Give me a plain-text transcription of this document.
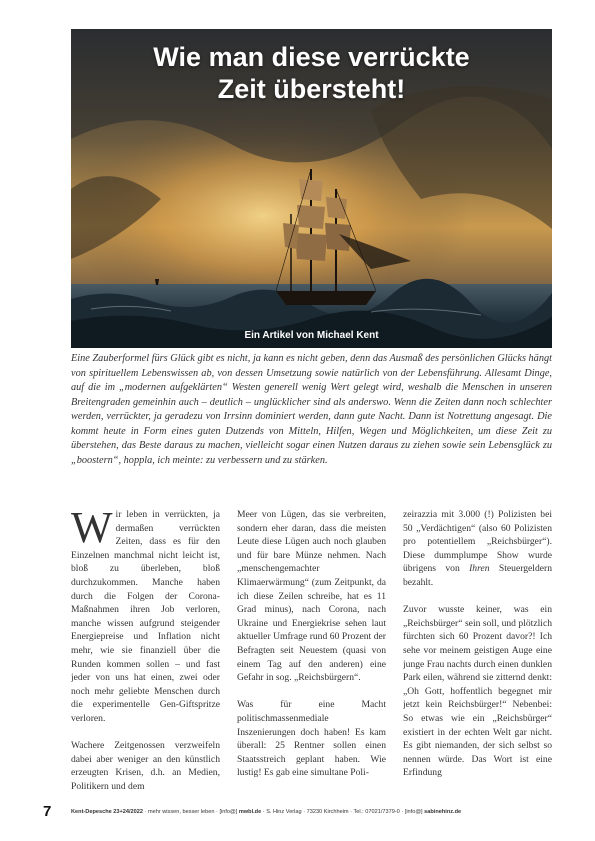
Wie man diese verrückte
Zeit übersteht!
Ein Artikel von Michael Kent
Eine Zauberformel fürs Glück gibt es nicht, ja kann es nicht geben, denn das Ausmaß des persönlichen Glücks hängt von spirituellem Lebenswissen ab, von dessen Umsetzung sowie natürlich von der Lebensführung. Allesamt Dinge, auf die im „modernen aufgeklärten“ Westen generell wenig Wert gelegt wird, weshalb die Menschen in unseren Breitengraden gemeinhin auch – deutlich – unglücklicher sind als anderswo. Wenn die Zeiten dann noch schlechter werden, verrückter, ja geradezu von Irrsinn dominiert werden, dann gute Nacht. Dann ist Notrettung angesagt. Die kommt heute in Form eines guten Dutzends von Mitteln, Hilfen, Wegen und Möglichkeiten, um diese Zeit zu überstehen, das Beste daraus zu machen, vielleicht sogar einen Nutzen daraus zu ziehen sowie sein Lebensglück zu „boostern“, hoppla, ich meinte: zu verbessern und zu stärken.

Wir leben in verrückten, ja dermaßen verrückten Zeiten, dass es für den Einzelnen manchmal nicht leicht ist, bloß zu überleben, bloß durchzukommen. Manche haben durch die Folgen der Corona-Maßnahmen ihren Job verloren, manche wissen aufgrund steigender Energiepreise und Inflation nicht mehr, wie sie finanziell über die Runden kommen sollen – und fast jeder von uns hat einen, zwei oder noch mehr geliebte Menschen durch die experimentelle Gen-Giftspritze verloren.

Wachere Zeitgenossen verzweifeln dabei aber weniger an den künstlich erzeugten Krisen, d.h. an Medien, Politikern und dem

Meer von Lügen, das sie verbreiten, sondern eher daran, dass die meisten Leute diese Lügen auch noch glauben und für bare Münze nehmen. Nach „menschengemachter Klimaerwärmung“ (zum Zeitpunkt, da ich diese Zeilen schreibe, hat es 11 Grad minus), nach Corona, nach Ukraine und Energiekrise sehen laut aktueller Umfrage rund 60 Prozent der Befragten seit Neuestem (quasi von einem Tag auf den anderen) eine Gefahr in sog. „Reichsbürgern“.

Was für eine Macht politischmassenmediale Inszenierungen doch haben! Es kam überall: 25 Rentner sollen einen Staatsstreich geplant haben. Wie lustig! Es gab eine simultane Poli-

zeirazzia mit 3.000 (!) Polizisten bei 50 „Verdächtigen“ (also 60 Polizisten pro potentiellem „Reichsbürger“). Diese dummplumpe Show wurde übrigens von Ihren Steuergeldern bezahlt.

Zuvor wusste keiner, was ein „Reichsbürger“ sein soll, und plötzlich fürchten sich 60 Prozent davor?! Ich sehe vor meinem geistigen Auge eine junge Frau nachts durch einen dunklen Park eilen, während sie zitternd denkt: „Oh Gott, hoffentlich begegnet mir jetzt kein Reichsbürger!“ Nebenbei: So etwas wie ein „Reichsbürger“ existiert in der echten Welt gar nicht. Es gibt niemanden, der sich selbst so nennen würde. Das Wort ist eine Erfindung

7	Kent-Depesche 23+24/2022 · mehr wissen, besser leben · [info@] mwbl.de · S. Hinz Verlag · 73230 Kirchheim · Tel.: 07021/7379-0 · [info@] sabinehinz.de
